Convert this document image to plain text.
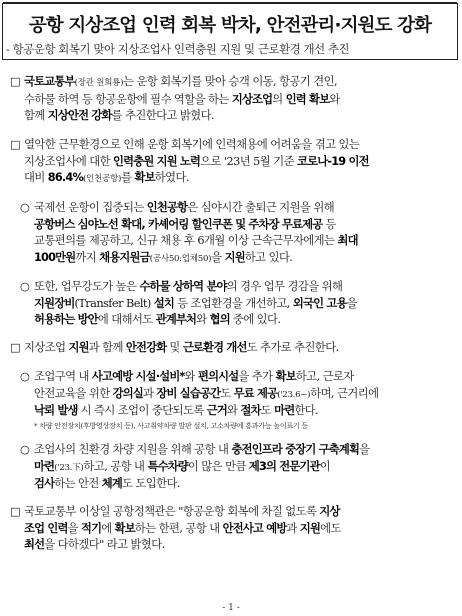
공항 지상조업 인력 회복 박차, 안전관리·지원도 강화
- 항공운항 회복기 맞아 지상조업사 인력충원 지원 및 근로환경 개선 추진
□ 국토교통부(장관 원희룡)는 운항 회복기를 맞아 승객 이동, 항공기 견인,
수하물 하역 등 항공운항에 필수 역할을 하는 지상조업의 인력 확보와
함께 지상안전 강화를 추진한다고 밝혔다.
□ 열악한 근무환경으로 인해 운항 회복기에 인력채용에 어려움을 겪고 있는
지상조업사에 대한 인력충원 지원 노력으로 '23년 5월 기준 코로나-19 이전
대비 86.4%(인천공항)를 확보하였다.
○ 국제선 운항이 집중되는 인천공항은 심야시간 출퇴근 지원을 위해
공항버스 심야노선 확대, 카셰어링 할인쿠폰 및 주차장 무료제공 등
교통편의를 제공하고, 신규 채용 후 6개월 이상 근속근무자에게는 최대
100만원까지 채용지원금(공사50:업체50)을 지원하고 있다.
○ 또한, 업무강도가 높은 수하물 상하역 분야의 경우 업무 경감을 위해
지원장비(Transfer Belt) 설치 등 조업환경을 개선하고, 외국인 고용을
허용하는 방안에 대해서도 관계부처와 협의 중에 있다.
□ 지상조업 지원과 함께 안전강화 및 근로환경 개선도 추가로 추진한다.
○ 조업구역 내 사고예방 시설·설비*와 편의시설을 추가 확보하고, 근로자
안전교육을 위한 강의실과 장비 실습공간도 무료 제공('23.6~)하며, 근거리에
낙뢰 발생 시 즉시 조업이 중단되도록 근거와 절차도 마련한다.
* 차량 안전장치(후방영상장치 등), 사고취약차량 발판 설치, 고소차량에 흥과가능 높이표기 등
○ 조업사의 친환경 차량 지원을 위해 공항 내 충전인프라 중장기 구축계획을
마련('23.下)하고, 공항 내 특수차량이 많은 만큼 제3의 전문기관이
검사하는 안전 체계도 도입한다.
□ 국토교통부 이상일 공항정책관은 "항공운항 회복에 차질 없도록 지상
조업 인력을 적기에 확보하는 한편, 공항 내 안전사고 예방과 지원에도
최선을 다하겠다" 라고 밝혔다.
- 1 -
